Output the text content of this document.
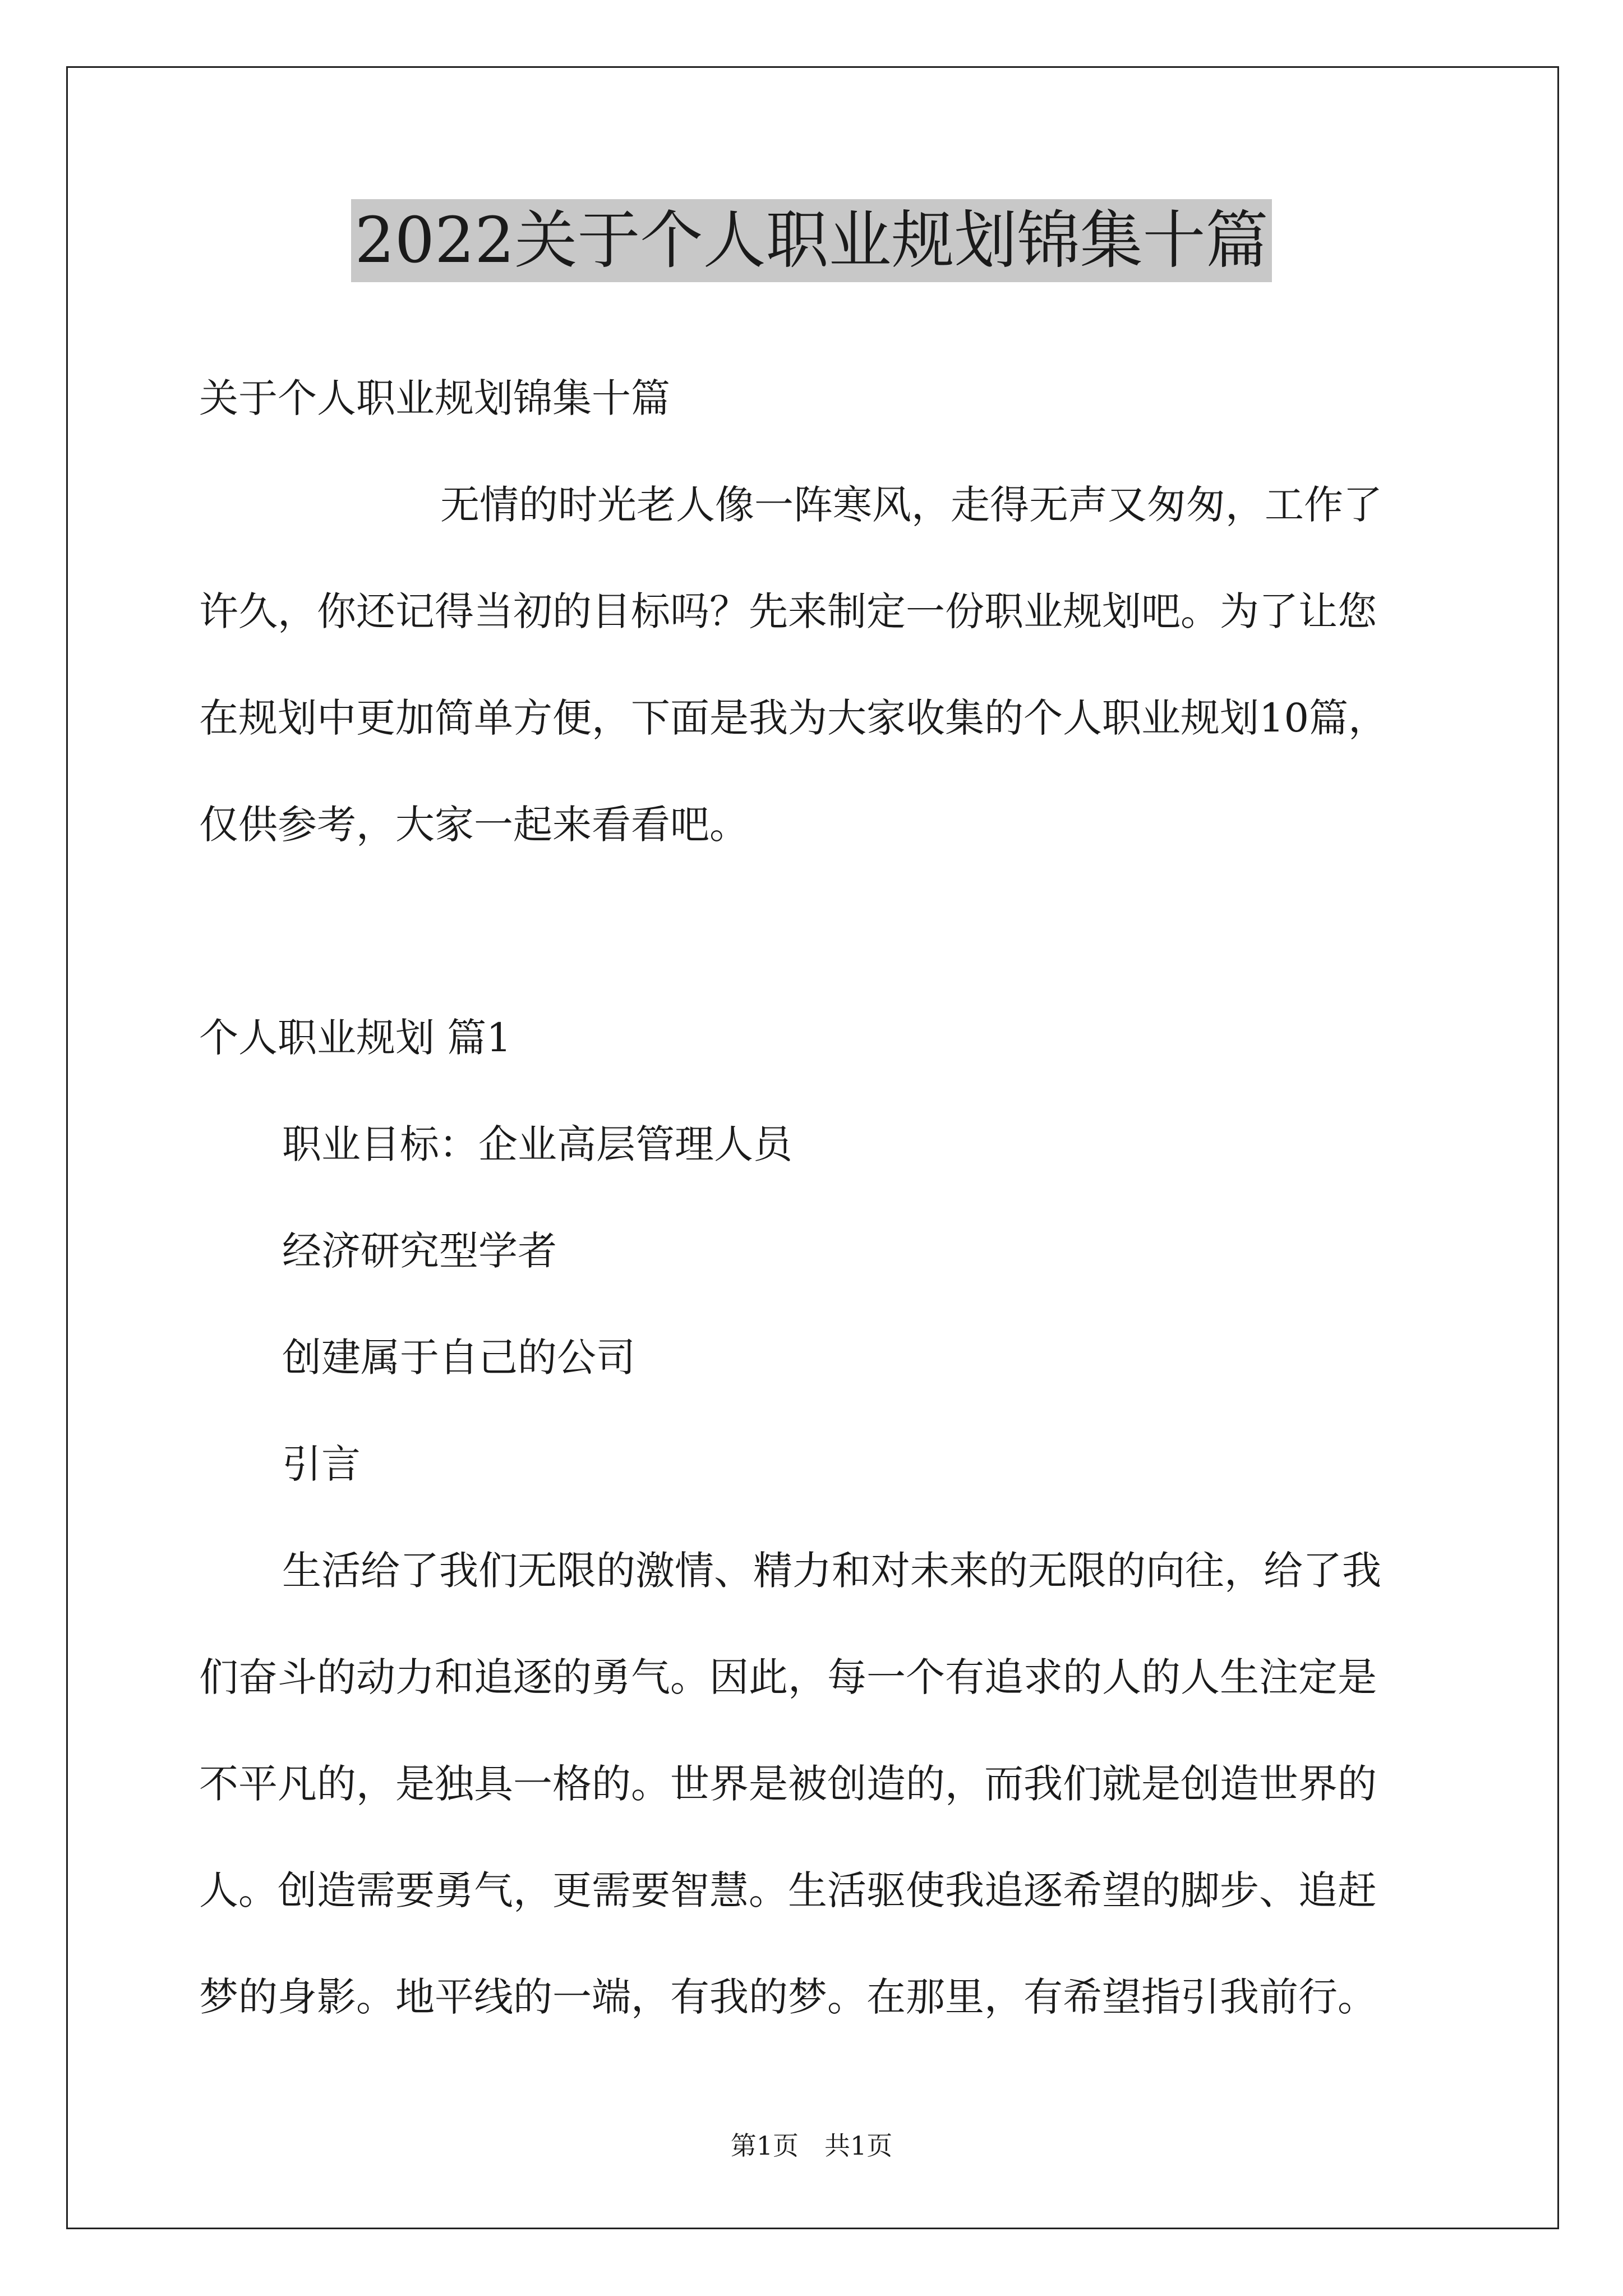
2022关于个人职业规划锦集十篇
关于个人职业规划锦集十篇
无情的时光老人像一阵寒风，走得无声又匆匆，工作了
许久，你还记得当初的目标吗？先来制定一份职业规划吧。为了让您
在规划中更加简单方便，下面是我为大家收集的个人职业规划10篇，
仅供参考，大家一起来看看吧。
个人职业规划 篇1
职业目标：企业高层管理人员
经济研究型学者
创建属于自己的公司
引言
生活给了我们无限的激情、精力和对未来的无限的向往，给了我
们奋斗的动力和追逐的勇气。因此，每一个有追求的人的人生注定是
不平凡的，是独具一格的。世界是被创造的，而我们就是创造世界的
人。创造需要勇气，更需要智慧。生活驱使我追逐希望的脚步、追赶
梦的身影。地平线的一端，有我的梦。在那里，有希望指引我前行。
第1页　共1页
